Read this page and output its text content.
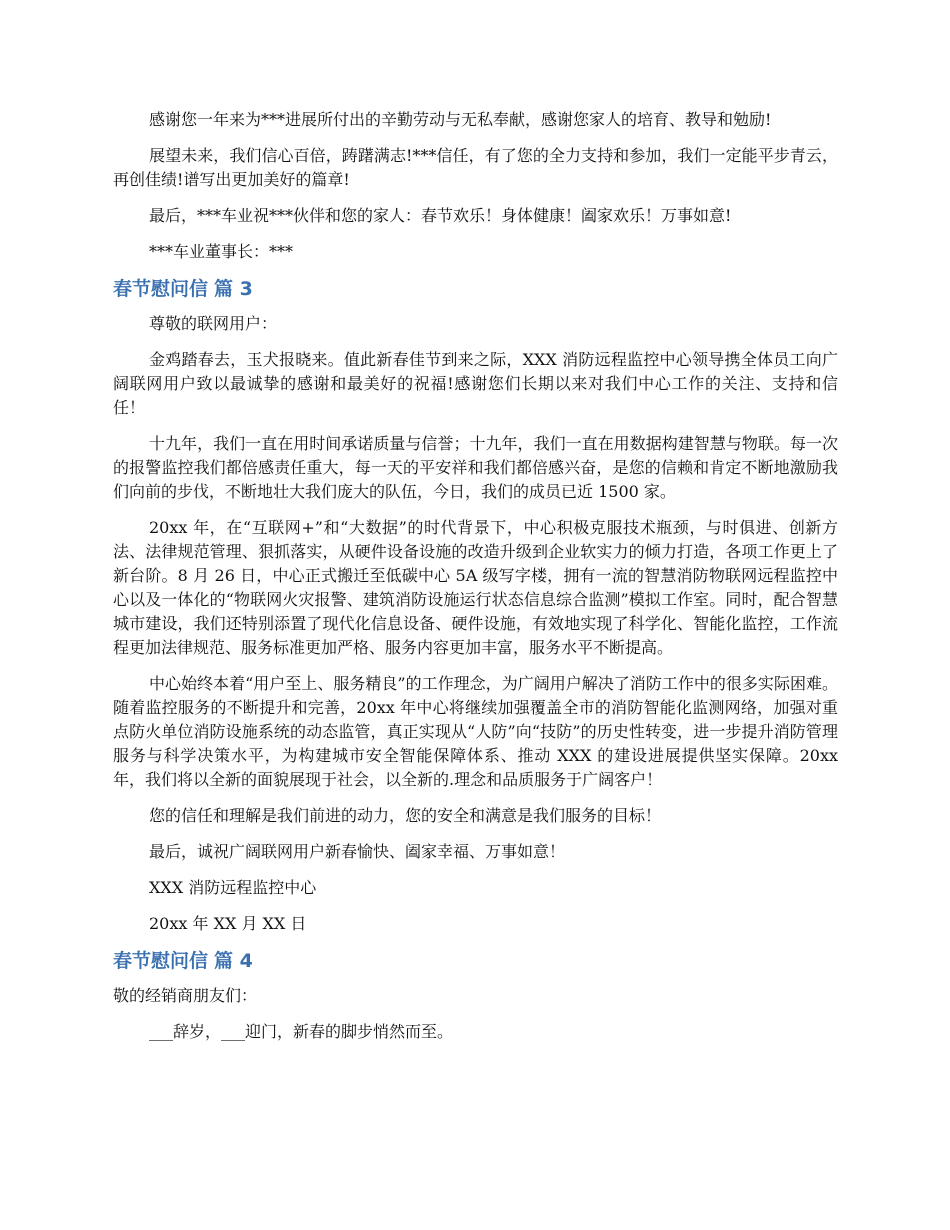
感谢您一年来为***进展所付出的辛勤劳动与无私奉献，感谢您家人的培育、教导和勉励!

展望未来，我们信心百倍，踌躇满志!***信任，有了您的全力支持和参加，我们一定能平步青云，再创佳绩!谱写出更加美好的篇章!

最后，***车业祝***伙伴和您的家人：春节欢乐！身体健康！阖家欢乐！万事如意!

***车业董事长：***

春节慰问信 篇 3

尊敬的联网用户：

金鸡踏春去，玉犬报晓来。值此新春佳节到来之际，XXX 消防远程监控中心领导携全体员工向广阔联网用户致以最诚挚的感谢和最美好的祝福!感谢您们长期以来对我们中心工作的关注、支持和信任！

十九年，我们一直在用时间承诺质量与信誉；十九年，我们一直在用数据构建智慧与物联。每一次的报警监控我们都倍感责任重大，每一天的平安祥和我们都倍感兴奋，是您的信赖和肯定不断地激励我们向前的步伐，不断地壮大我们庞大的队伍，今日，我们的成员已近 1500 家。

20xx 年，在“互联网+”和“大数据”的时代背景下，中心积极克服技术瓶颈，与时俱进、创新方法、法律规范管理、狠抓落实，从硬件设备设施的改造升级到企业软实力的倾力打造，各项工作更上了新台阶。8 月 26 日，中心正式搬迁至低碳中心 5A 级写字楼，拥有一流的智慧消防物联网远程监控中心以及一体化的“物联网火灾报警、建筑消防设施运行状态信息综合监测”模拟工作室。同时，配合智慧城市建设，我们还特别添置了现代化信息设备、硬件设施，有效地实现了科学化、智能化监控，工作流程更加法律规范、服务标准更加严格、服务内容更加丰富，服务水平不断提高。

中心始终本着“用户至上、服务精良”的工作理念，为广阔用户解决了消防工作中的很多实际困难。随着监控服务的不断提升和完善，20xx 年中心将继续加强覆盖全市的消防智能化监测网络，加强对重点防火单位消防设施系统的动态监管，真正实现从“人防”向“技防”的历史性转变，进一步提升消防管理服务与科学决策水平，为构建城市安全智能保障体系、推动 XXX 的建设进展提供坚实保障。20xx 年，我们将以全新的面貌展现于社会，以全新的.理念和品质服务于广阔客户！

您的信任和理解是我们前进的动力，您的安全和满意是我们服务的目标！

最后，诚祝广阔联网用户新春愉快、阖家幸福、万事如意！

XXX 消防远程监控中心

20xx 年 XX 月 XX 日

春节慰问信 篇 4

敬的经销商朋友们：

___辞岁，___迎门，新春的脚步悄然而至。
